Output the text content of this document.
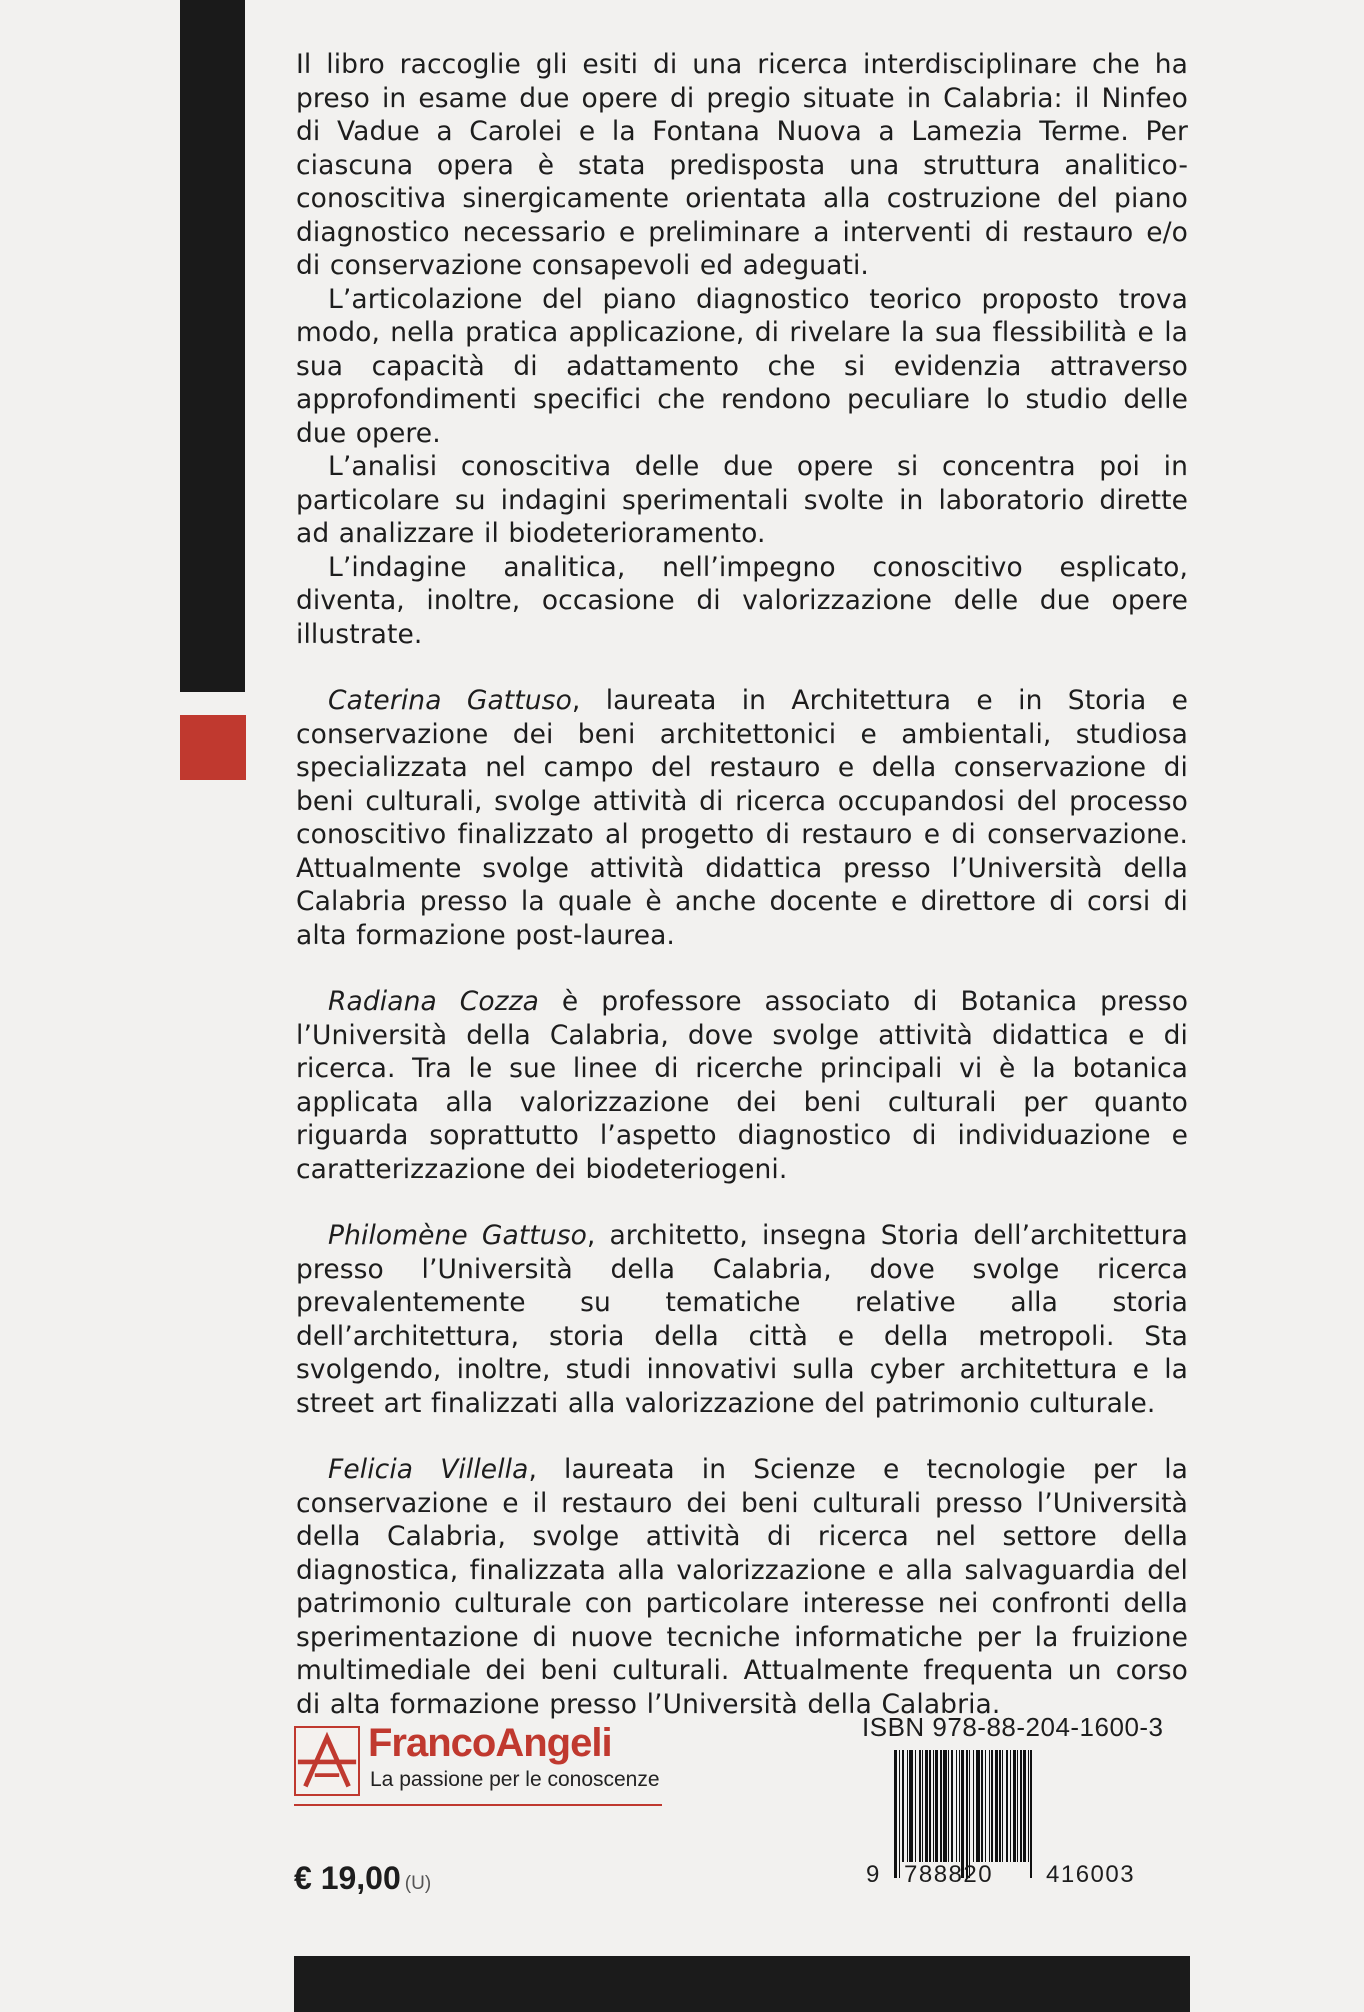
Il libro raccoglie gli esiti di una ricerca interdisciplinare che ha preso in esame due opere di pregio situate in Calabria: il Ninfeo di Vadue a Carolei e la Fontana Nuova a Lamezia Terme. Per ciascuna opera è stata predisposta una struttura analitico-conoscitiva sinergicamente orientata alla costruzione del piano diagnostico necessario e preliminare a interventi di restauro e/o di conservazione consapevoli ed adeguati.

L’articolazione del piano diagnostico teorico proposto trova modo, nella pratica applicazione, di rivelare la sua flessibilità e la sua capacità di adattamento che si evidenzia attraverso approfondimenti specifici che rendono peculiare lo studio delle due opere.

L’analisi conoscitiva delle due opere si concentra poi in particolare su indagini sperimentali svolte in laboratorio dirette ad analizzare il biodeterioramento.

L’indagine analitica, nell’impegno conoscitivo esplicato, diventa, inoltre, occasione di valorizzazione delle due opere illustrate.

Caterina Gattuso, laureata in Architettura e in Storia e conservazione dei beni architettonici e ambientali, studiosa specializzata nel campo del restauro e della conservazione di beni culturali, svolge attività di ricerca occupandosi del processo conoscitivo finalizzato al progetto di restauro e di conservazione. Attualmente svolge attività didattica presso l’Università della Calabria presso la quale è anche docente e direttore di corsi di alta formazione post-laurea.

Radiana Cozza è professore associato di Botanica presso l’Università della Calabria, dove svolge attività didattica e di ricerca. Tra le sue linee di ricerche principali vi è la botanica applicata alla valorizzazione dei beni culturali per quanto riguarda soprattutto l’aspetto diagnostico di individuazione e caratterizzazione dei biodeteriogeni.

Philomène Gattuso, architetto, insegna Storia dell’architettura presso l’Università della Calabria, dove svolge ricerca prevalentemente su tematiche relative alla storia dell’architettura, storia della città e della metropoli. Sta svolgendo, inoltre, studi innovativi sulla cyber architettura e la street art finalizzati alla valorizzazione del patrimonio culturale.

Felicia Villella, laureata in Scienze e tecnologie per la conservazione e il restauro dei beni culturali presso l’Università della Calabria, svolge attività di ricerca nel settore della diagnostica, finalizzata alla valorizzazione e alla salvaguardia del patrimonio culturale con particolare interesse nei confronti della sperimentazione di nuove tecniche informatiche per la fruizione multimediale dei beni culturali. Attualmente frequenta un corso di alta formazione presso l’Università della Calabria.

FrancoAngeli
La passione per le conoscenze
ISBN 978-88-204-1600-3
9 788820 416003
€ 19,00 (U)
